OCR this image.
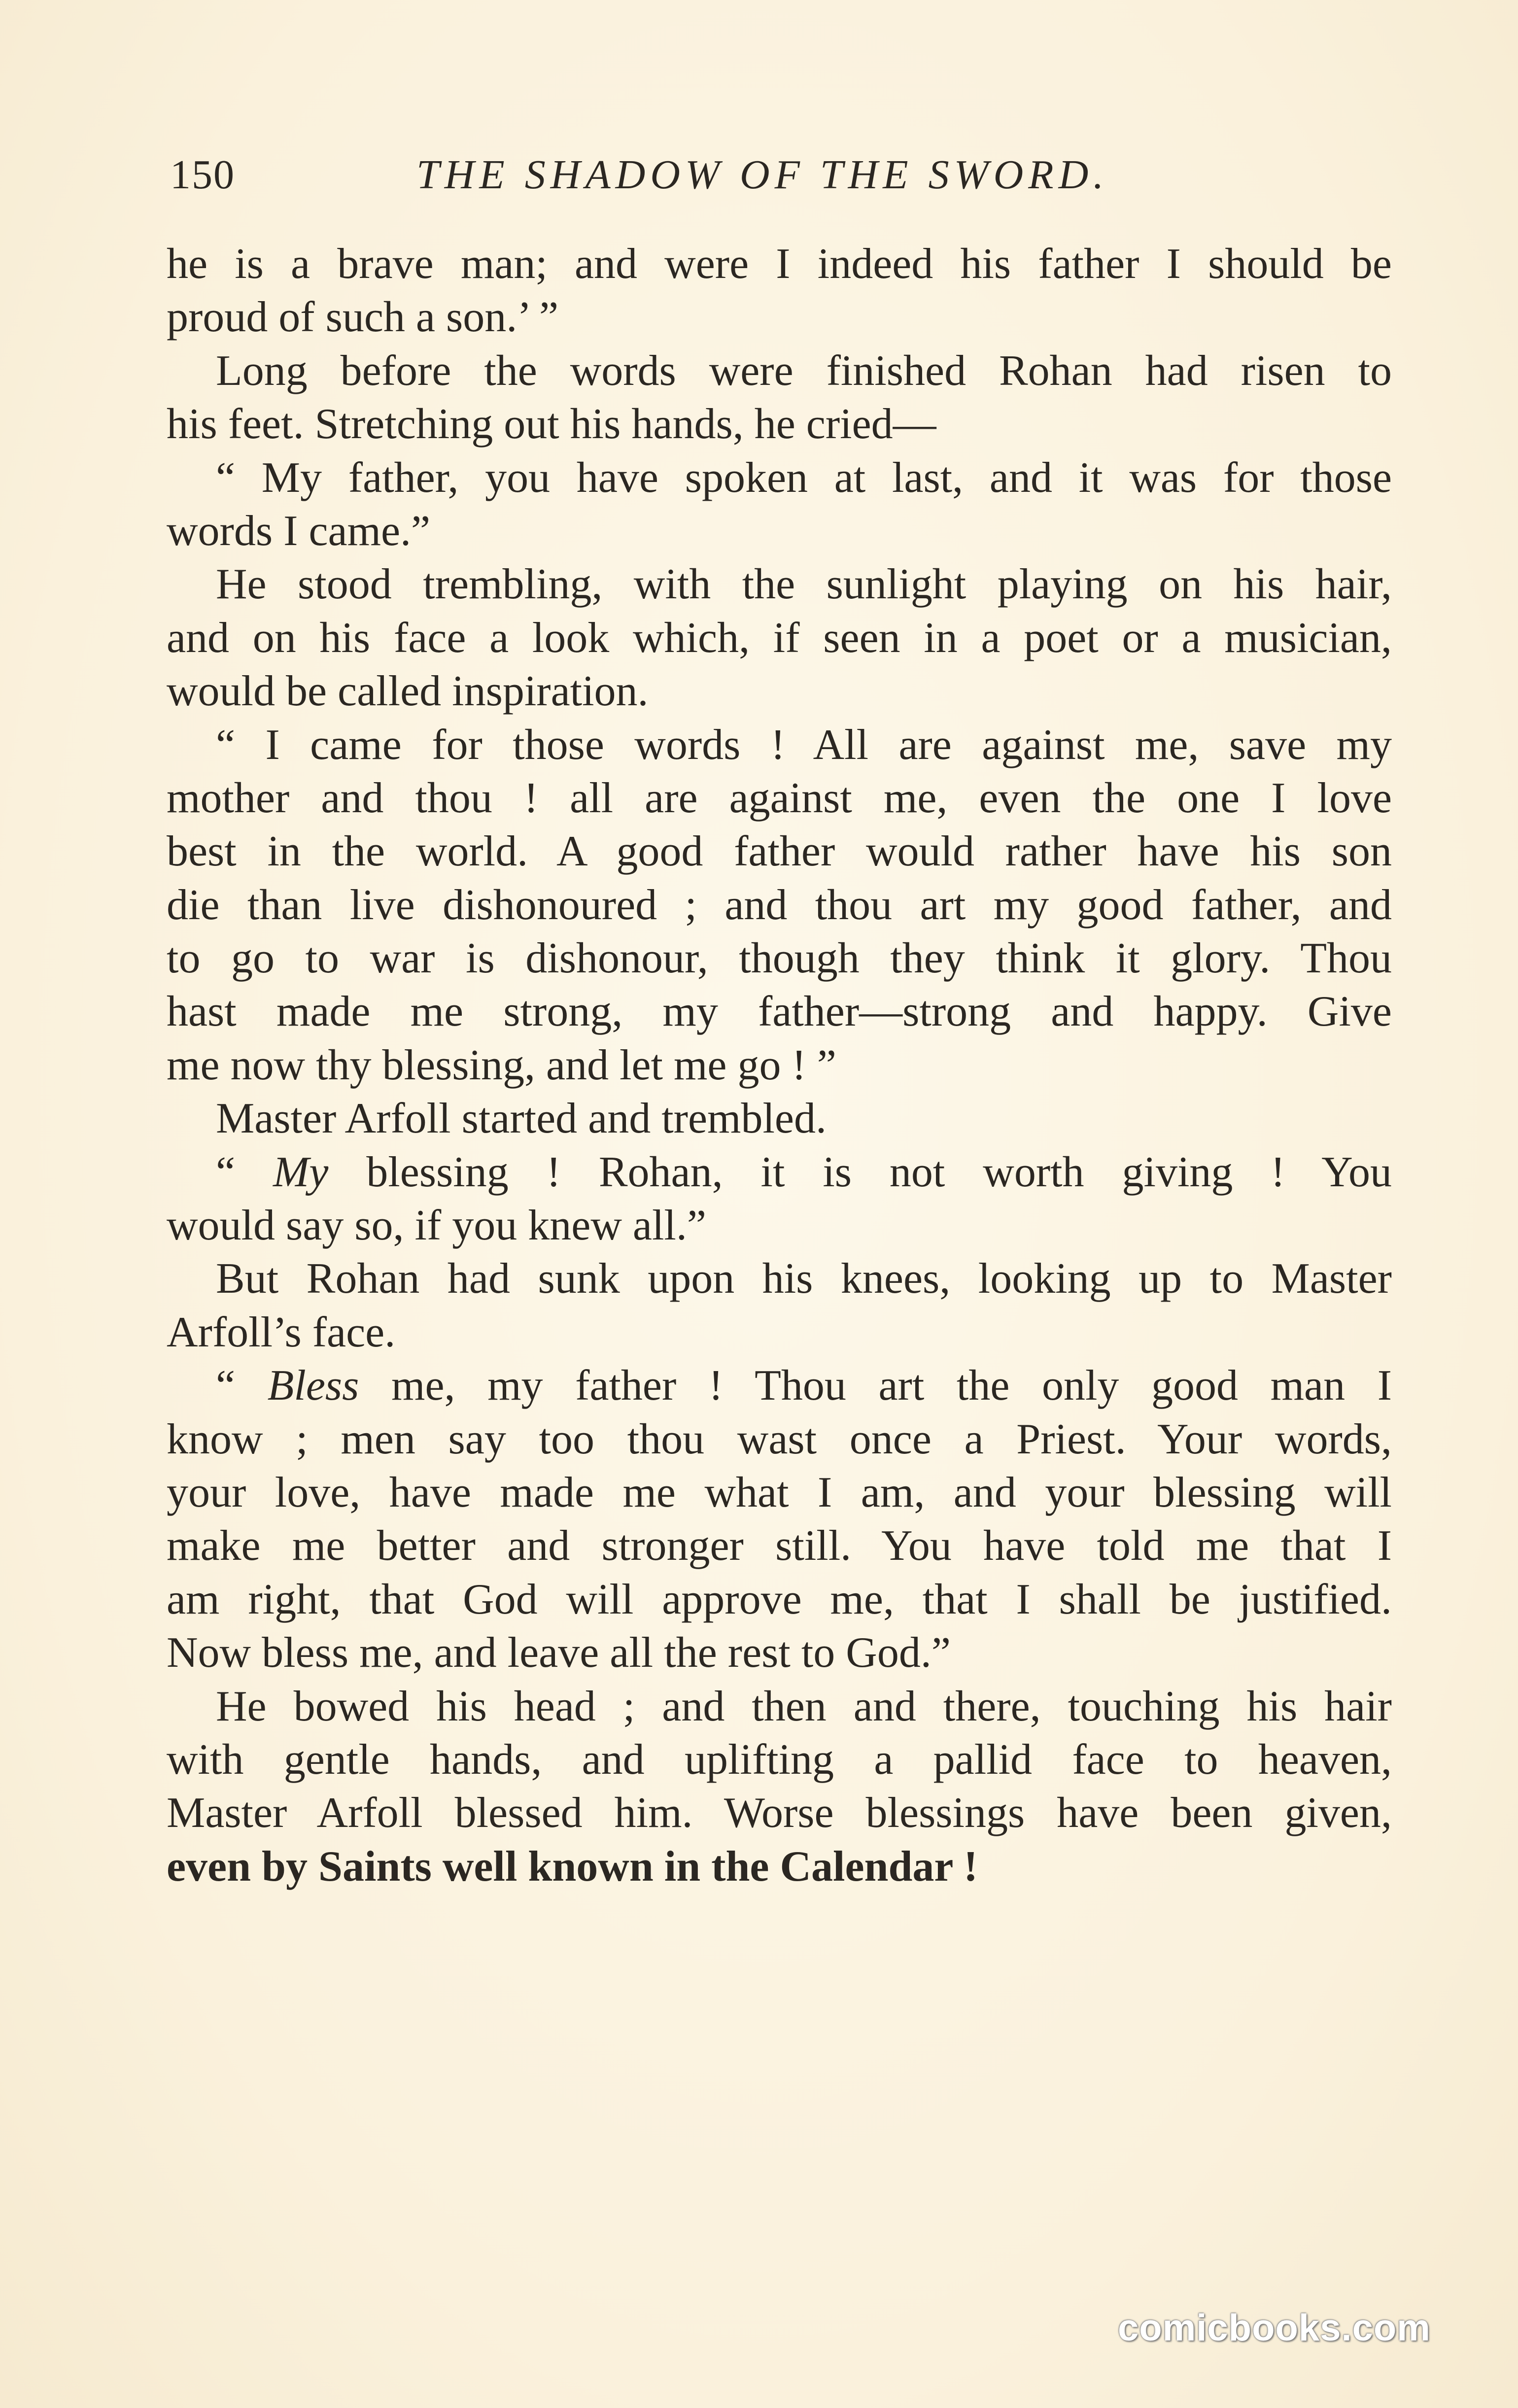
150	THE SHADOW OF THE SWORD.
he is a brave man; and were I indeed his father I should be
proud of such a son.’ ”
Long before the words were finished Rohan had risen to
his feet. Stretching out his hands, he cried—
“ My father, you have spoken at last, and it was for those
words I came.”
He stood trembling, with the sunlight playing on his hair,
and on his face a look which, if seen in a poet or a musician,
would be called inspiration.
“ I came for those words ! All are against me, save my
mother and thou ! all are against me, even the one I love
best in the world. A good father would rather have his son
die than live dishonoured ; and thou art my good father, and
to go to war is dishonour, though they think it glory. Thou
hast made me strong, my father—strong and happy. Give
me now thy blessing, and let me go ! ”
Master Arfoll started and trembled.
“ My blessing ! Rohan, it is not worth giving ! You
would say so, if you knew all.”
But Rohan had sunk upon his knees, looking up to Master
Arfoll’s face.
“ Bless me, my father ! Thou art the only good man I
know ; men say too thou wast once a Priest. Your words,
your love, have made me what I am, and your blessing will
make me better and stronger still. You have told me that I
am right, that God will approve me, that I shall be justified.
Now bless me, and leave all the rest to God.”
He bowed his head ; and then and there, touching his hair
with gentle hands, and uplifting a pallid face to heaven,
Master Arfoll blessed him. Worse blessings have been given,
even by Saints well known in the Calendar !
comicbooks.com
